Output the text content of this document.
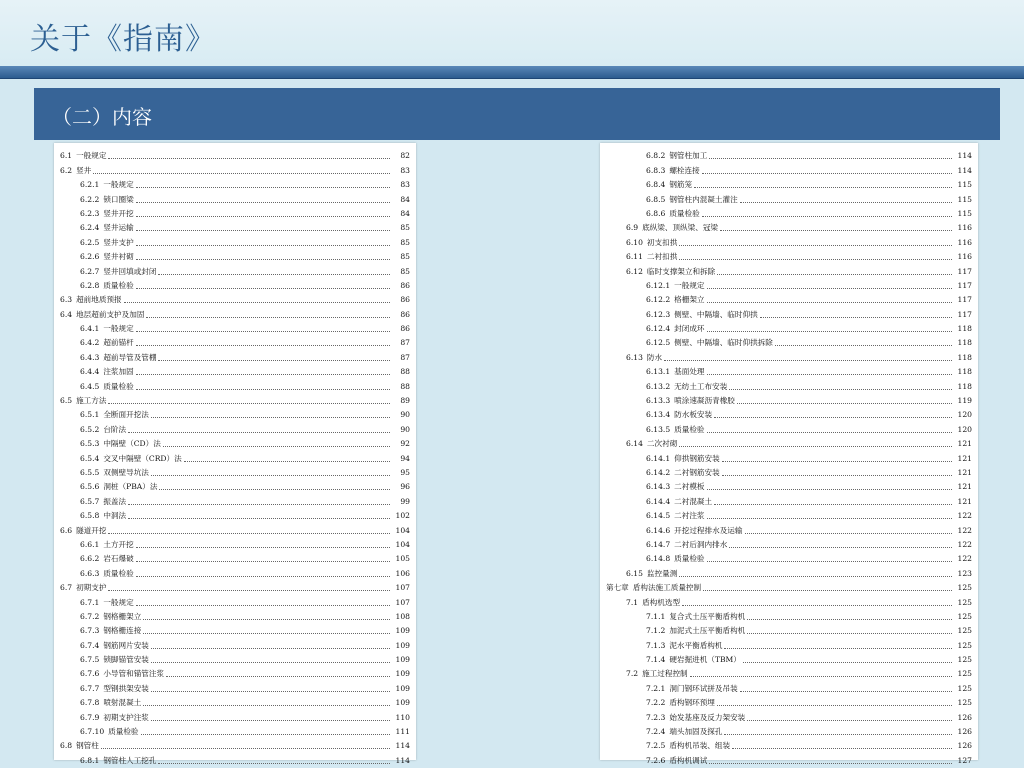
关于《指南》
（二）内容
6.1 一般规定	82
6.2 竖井	83
6.2.1 一般规定	83
6.2.2 锁口圈梁	84
6.2.3 竖井开挖	84
6.2.4 竖井运输	85
6.2.5 竖井支护	85
6.2.6 竖井衬砌	85
6.2.7 竖井回填或封闭	85
6.2.8 质量检验	86
6.3 超前地质预报	86
6.4 地层超前支护及加固	86
6.4.1 一般规定	86
6.4.2 超前锚杆	87
6.4.3 超前导管及管棚	87
6.4.4 注浆加固	88
6.4.5 质量检验	88
6.5 施工方法	89
6.5.1 全断面开挖法	90
6.5.2 台阶法	90
6.5.3 中隔壁（CD）法	92
6.5.4 交叉中隔壁（CRD）法	94
6.5.5 双侧壁导坑法	95
6.5.6 洞桩（PBA）法	96
6.5.7 振盖法	99
6.5.8 中洞法	102
6.6 隧道开挖	104
6.6.1 土方开挖	104
6.6.2 岩石爆破	105
6.6.3 质量检验	106
6.7 初期支护	107
6.7.1 一般规定	107
6.7.2 钢格栅架立	108
6.7.3 钢格栅连接	109
6.7.4 钢筋网片安装	109
6.7.5 锁脚锚管安装	109
6.7.6 小导管和锚管注浆	109
6.7.7 型钢拱架安装	109
6.7.8 喷射混凝土	109
6.7.9 初期支护注浆	110
6.7.10 质量检验	111
6.8 钢管柱	114
6.8.1 钢管柱人工挖孔	114
6.8.2 钢管柱加工	114
6.8.3 螺栓连接	114
6.8.4 钢筋笼	115
6.8.5 钢管柱内混凝土灌注	115
6.8.6 质量检验	115
6.9 底纵梁、顶纵梁、冠梁	116
6.10 初支扣拱	116
6.11 二衬扣拱	116
6.12 临时支撑架立和拆除	117
6.12.1 一般规定	117
6.12.2 格栅架立	117
6.12.3 侧壁、中隔墙、临时仰拱	117
6.12.4 封闭成环	118
6.12.5 侧壁、中隔墙、临时仰拱拆除	118
6.13 防水	118
6.13.1 基面处理	118
6.13.2 无纺土工布安装	118
6.13.3 喷涂速凝沥青橡胶	119
6.13.4 防水板安装	120
6.13.5 质量检验	120
6.14 二次衬砌	121
6.14.1 仰拱钢筋安装	121
6.14.2 二衬钢筋安装	121
6.14.3 二衬模板	121
6.14.4 二衬混凝土	121
6.14.5 二衬注浆	122
6.14.6 开挖过程排水及运输	122
6.14.7 二衬后洞内排水	122
6.14.8 质量检验	122
6.15 监控量测	123
第七章 盾构法施工质量控制	125
7.1 盾构机选型	125
7.1.1 复合式土压平衡盾构机	125
7.1.2 加泥式土压平衡盾构机	125
7.1.3 泥水平衡盾构机	125
7.1.4 硬岩掘进机（TBM）	125
7.2 施工过程控制	125
7.2.1 洞门钢环试拼及吊装	125
7.2.2 盾构钢环预埋	125
7.2.3 始发基座及反力架安装	126
7.2.4 端头加固及探孔	126
7.2.5 盾构机吊装、组装	126
7.2.6 盾构机调试	127
